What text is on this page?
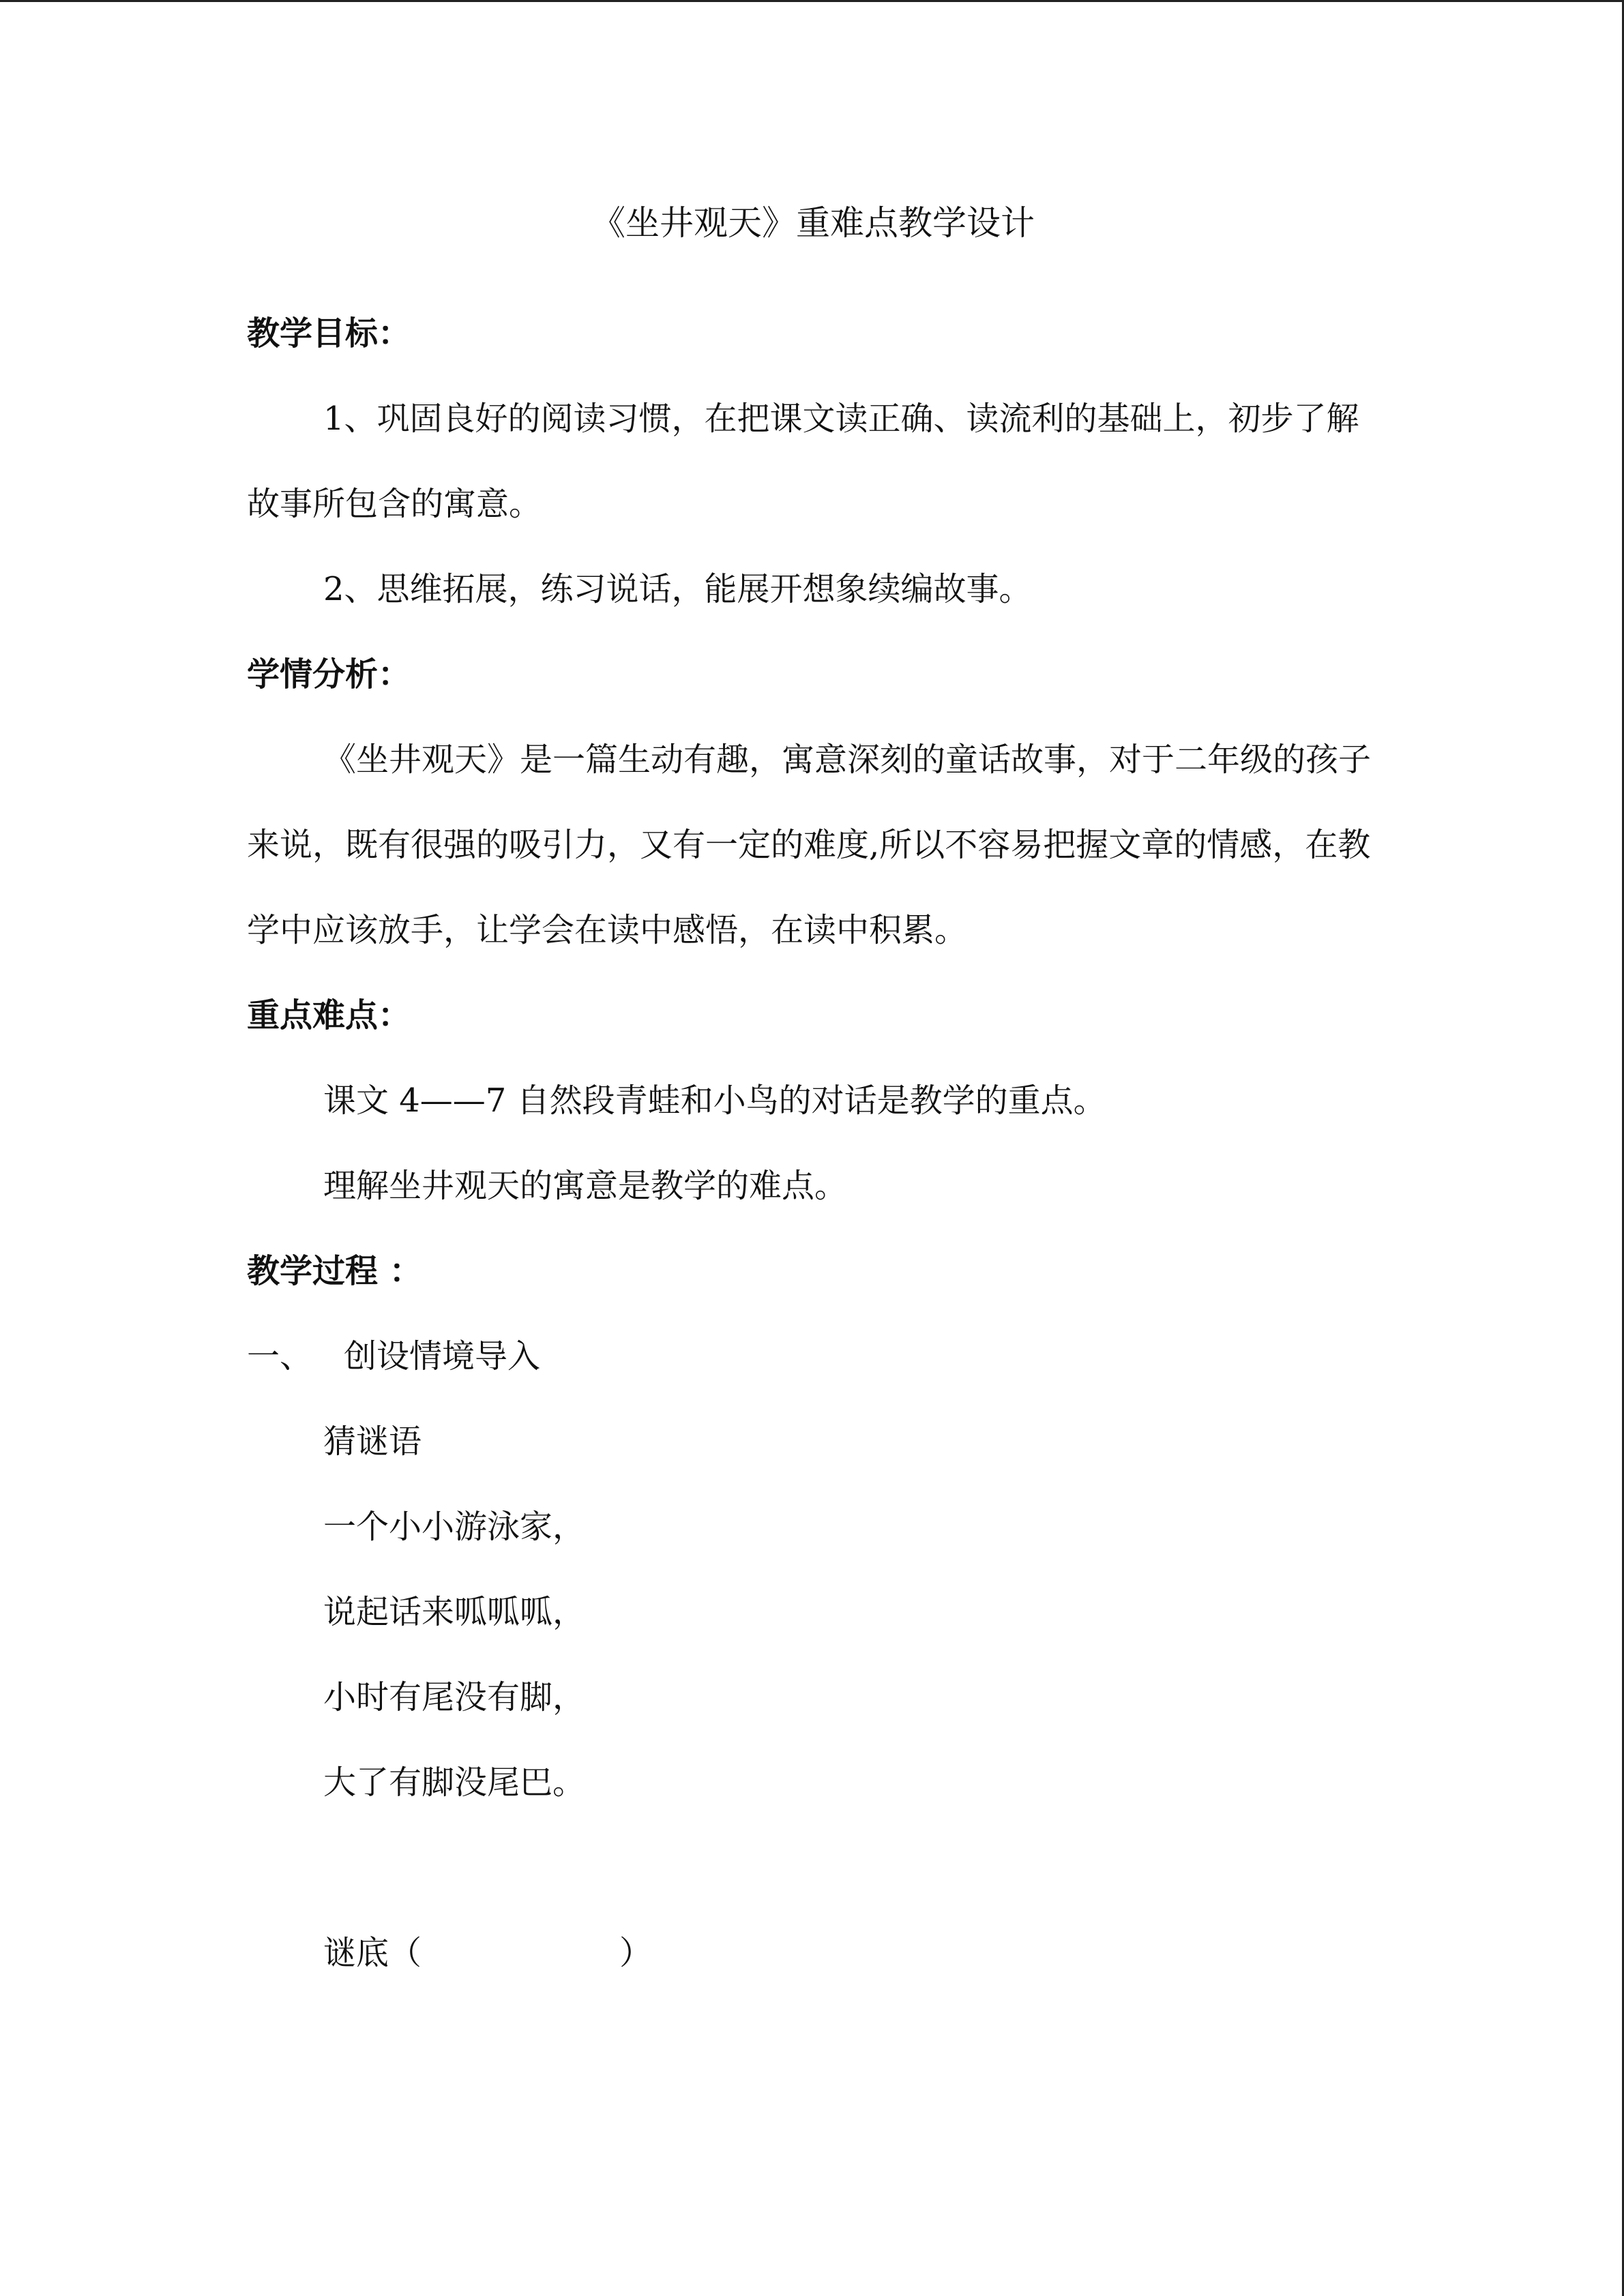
《坐井观天》重难点教学设计

教学目标：

1、巩固良好的阅读习惯，在把课文读正确、读流利的基础上，初步了解故事所包含的寓意。

2、思维拓展，练习说话，能展开想象续编故事。

学情分析：

《坐井观天》是一篇生动有趣，寓意深刻的童话故事，对于二年级的孩子来说，既有很强的吸引力，又有一定的难度,所以不容易把握文章的情感，在教学中应该放手，让学会在读中感悟，在读中积累。

重点难点：

课文 4——7 自然段青蛙和小鸟的对话是教学的重点。

理解坐井观天的寓意是教学的难点。

教学过程 ：

一、 创设情境导入

猜谜语

一个小小游泳家，

说起话来呱呱呱，

小时有尾没有脚，

大了有脚没尾巴。

谜底（	）
